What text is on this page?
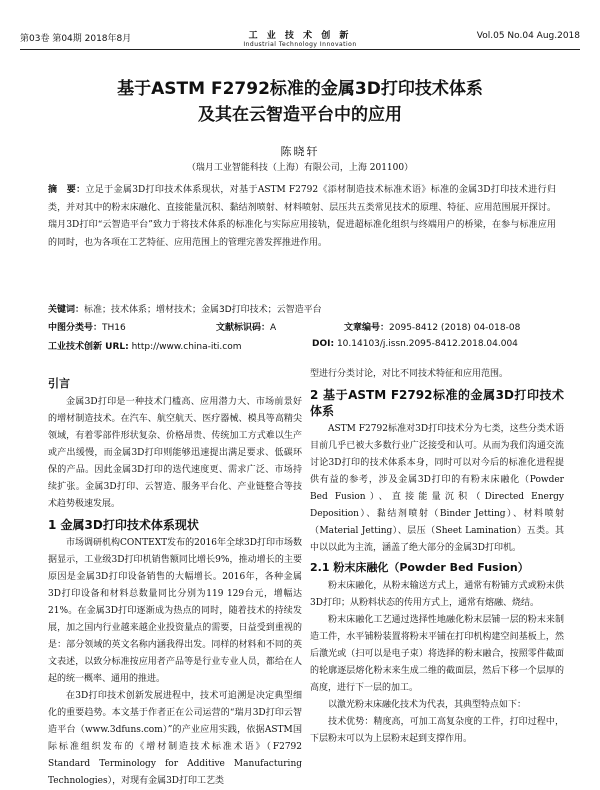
第03卷 第04期 2018年8月	工 业 技 术 创 新
Industrial Technology Innovation
Vol.05 No.04 Aug.2018
基于ASTM F2792标准的金属3D打印技术体系
及其在云智造平台中的应用
陈晓轩
（瑞月工业智能科技（上海）有限公司，上海 201100）
摘　要：立足于金属3D打印技术体系现状，对基于ASTM F2792《添材制造技术标准术语》标准的金属3D打印技术进行归类，并对其中的粉末床融化、直接能量沉积、黏结剂喷射、材料喷射、层压共五类常见技术的原理、特征、应用范围展开探讨。瑞月3D打印“云智造平台”致力于将技术体系的标准化与实际应用接轨，促进超标准化组织与终端用户的桥梁，在参与标准应用的同时，也为各项在工艺特征、应用范围上的管理完善发挥推进作用。
关键词：标准；技术体系；增材技术；金属3D打印技术；云智造平台
中图分类号：TH16	文献标识码：A	文章编号：2095-8412 (2018) 04-018-08
工业技术创新 URL: http://www.china-iti.com	DOI: 10.14103/j.issn.2095-8412.2018.04.004
引言

金属3D打印是一种技术门槛高、应用潜力大、市场前景好的增材制造技术。在汽车、航空航天、医疗器械、模具等高精尖领域，有着零部件形状复杂、价格昂贵、传统加工方式难以生产或产出缓慢，而金属3D打印则能够迅速提出满足要求、低碳环保的产品。因此金属3D打印的迭代速度更、需求广泛、市场持续扩张。金属3D打印、云智造、服务平台化、产业链整合等技术趋势极速发展。

1 金属3D打印技术体系现状

市场调研机构CONTEXT发布的2016年全球3D打印市场数据显示，工业级3D打印机销售额同比增长9%，推动增长的主要原因是金属3D打印设备销售的大幅增长。2016年，各种金属3D打印设备和材料总数量同比分别为119 129台元，增幅达21%。在金属3D打印逐渐成为热点的同时，随着技术的持续发展，加之国内行业越来越企业投资量点的需要，日益受到重视的是：部分领域的英文名称内涵我得出发。同样的材料和不同的英文表述，以致分标准按应用者产品等是行业专业人员，都给在人起的统一概率、通用的推进。

在3D打印技术创新发展进程中，技术可追溯是决定典型细化的重要趋势。本文基于作者正在公司运营的“瑞月3D打印云智造平台（www.3dfuns.com）”的产业应用实践，依据ASTM国际标准组织发布的《增材制造技术标准术语》（F2792 Standard Terminology for Additive Manufacturing Technologies），对现有金属3D打印工艺类

型进行分类讨论，对比不同技术特征和应用范围。

2 基于ASTM F2792标准的金属3D打印技术体系

ASTM F2792标准对3D打印技术分为七类，这些分类术语目前几乎已被大多数行业广泛接受和认可。从而为我们沟通交流讨论3D打印的技术体系本身，同时可以对今后的标准化进程提供有益的参考，涉及金属3D打印的有粉末床融化（Powder Bed Fusion）、直接能量沉积（Directed Energy Deposition）、黏结剂喷射（Binder Jetting）、材料喷射（Material Jetting）、层压（Sheet Lamination）五类。其中以以此为主流，涵盖了绝大部分的金属3D打印机。

2.1 粉末床融化（Powder Bed Fusion）

粉末床融化，从粉末输送方式上，通常有粉铺方式或粉末供3D打印；从粉料状态的传用方式上，通常有熔融、烧结。

粉末床融化工艺通过选择性地融化粉末层铺一层的粉末来制造工件，水平铺粉装置将粉末平铺在打印机构建空间基板上，然后激光或（扫可以是电子束）将选择的粉末融合，按照零件截面的轮廓逐层熔化粉末来生成二维的截面层，然后下移一个层厚的高度，进行下一层的加工。

以激光粉末床融化技术为代表，其典型特点如下：

技术优势：精度高，可加工高复杂度的工件，打印过程中，下层粉末可以为上层粉末起到支撑作用。
